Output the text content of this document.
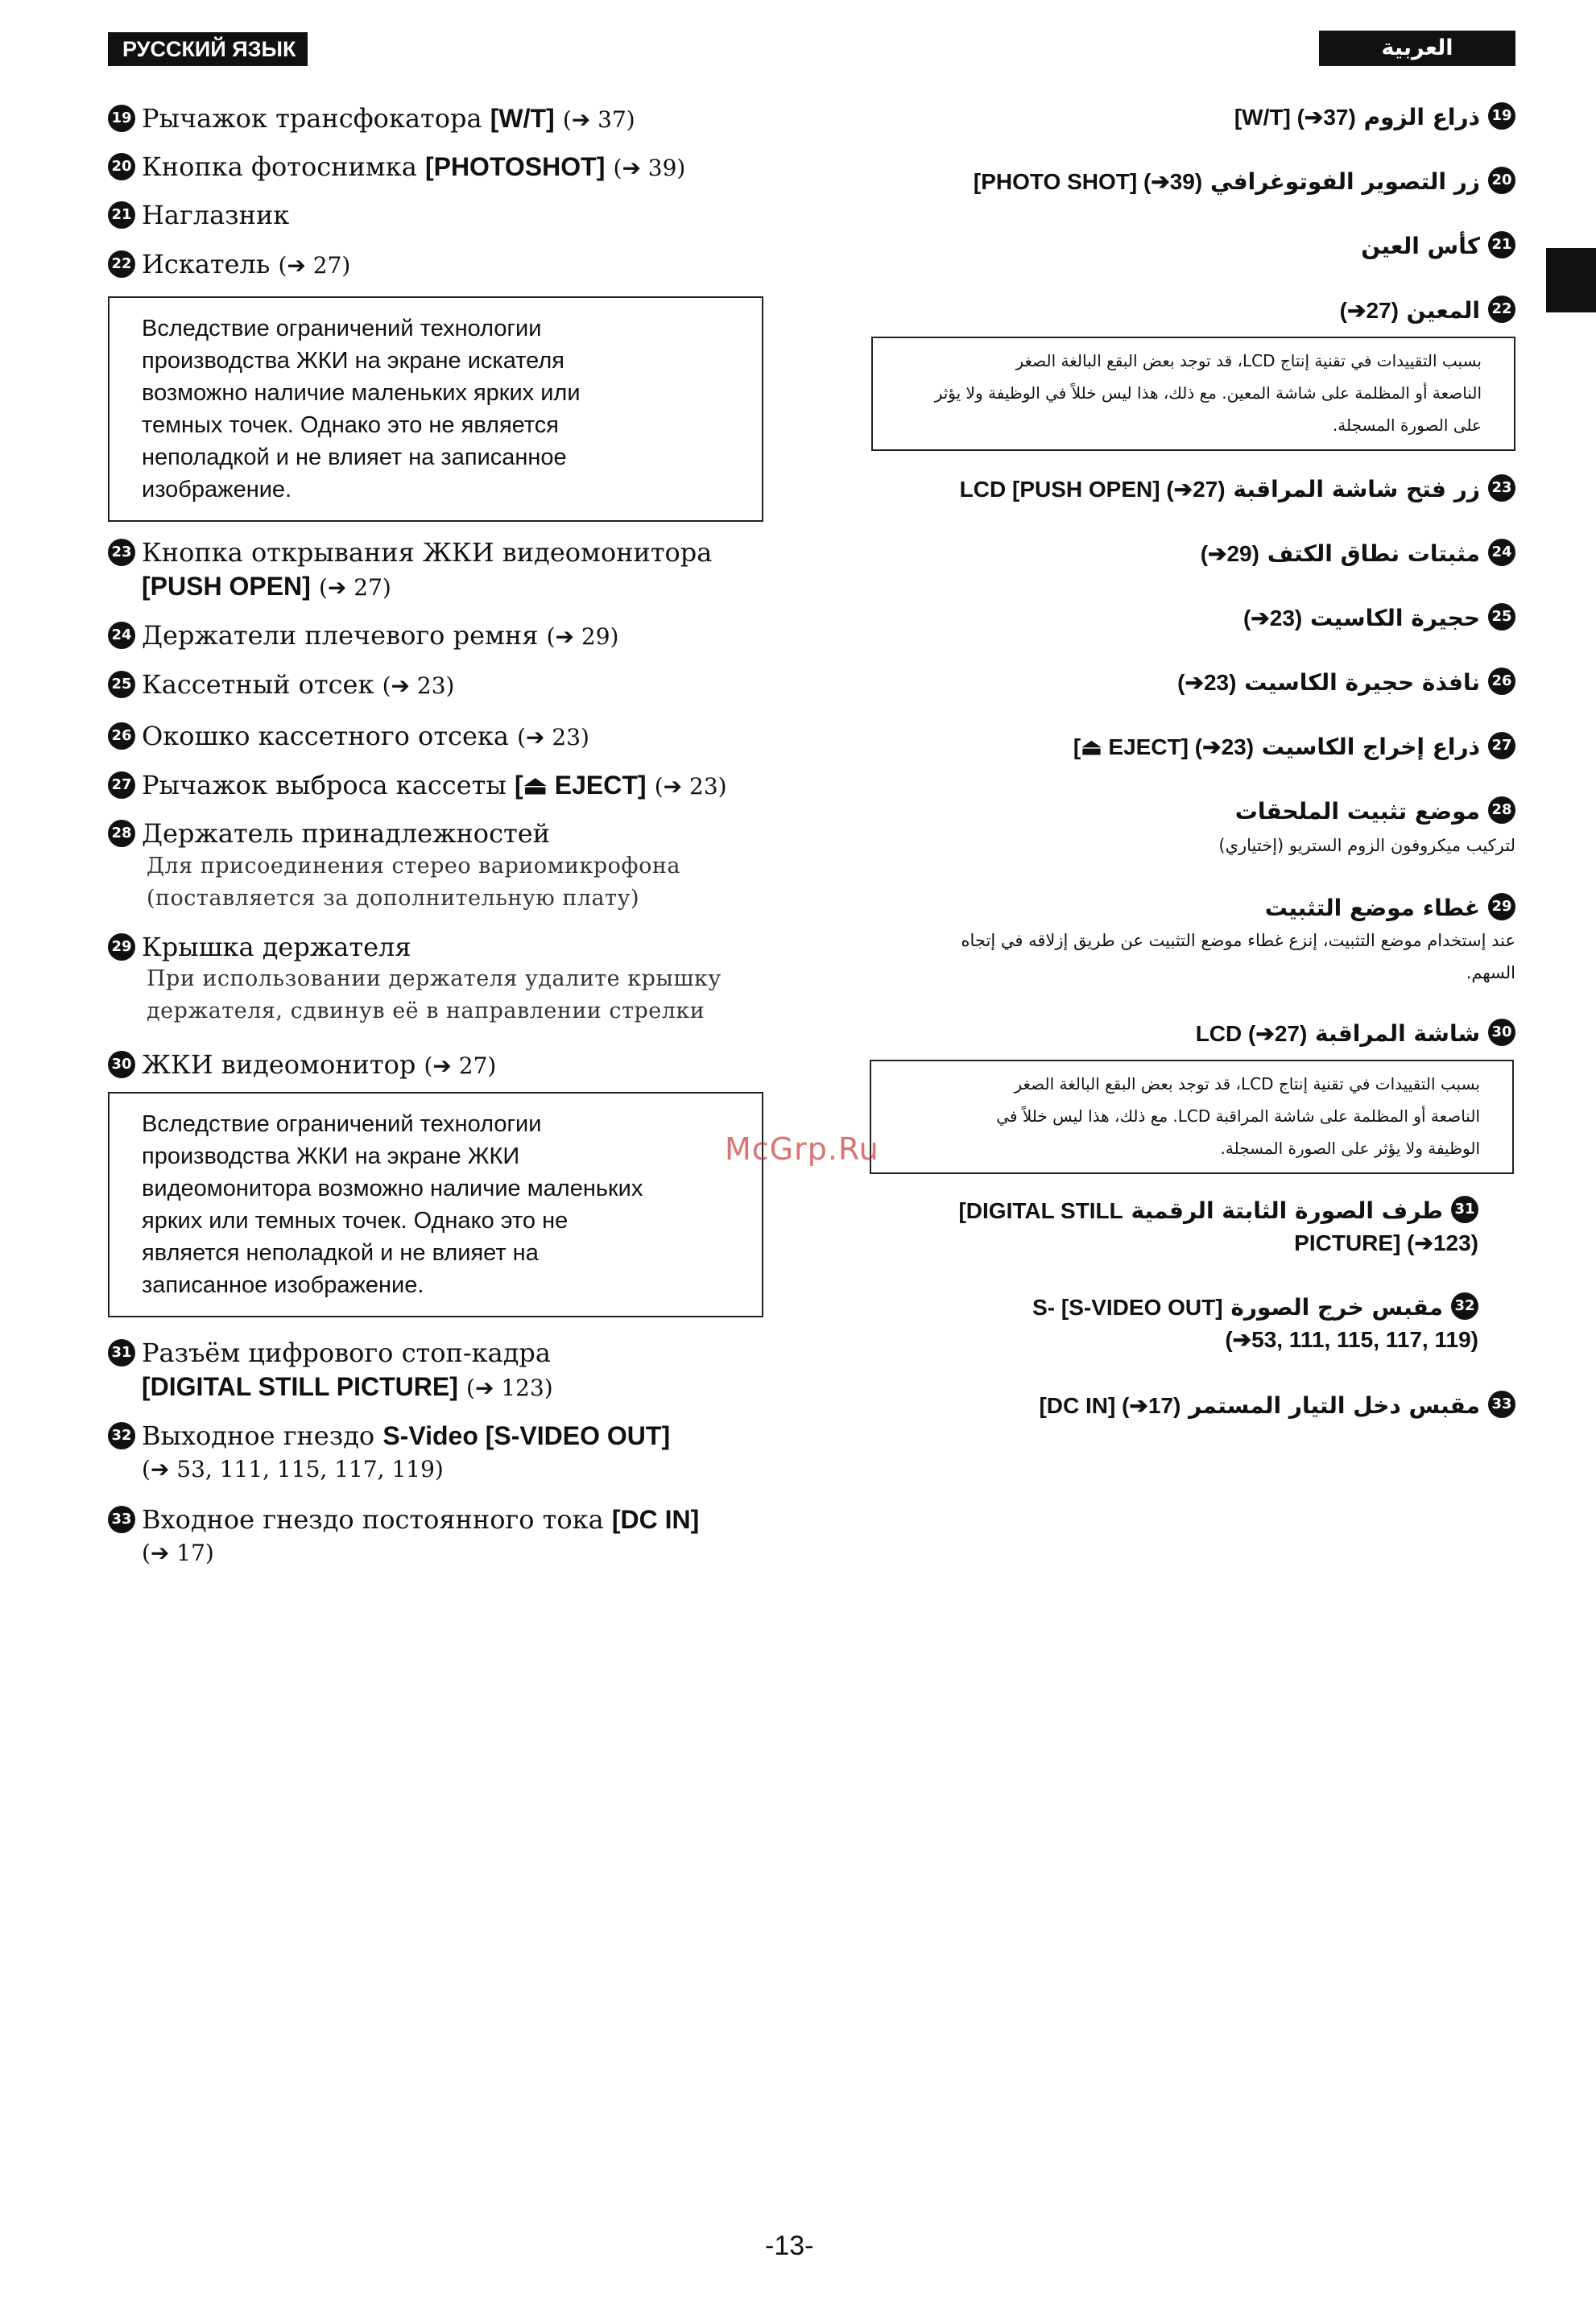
РУССКИЙ ЯЗЫК	العربية
19 Рычажок трансфокатора [W/T] (➔ 37)
20 Кнопка фотоснимка [PHOTOSHOT] (➔ 39)
21 Наглазник
22 Искатель (➔ 27)
Вследствие ограничений технологии
производства ЖКИ на экране искателя
возможно наличие маленьких ярких или
темных точек. Однако это не является
неполадкой и не влияет на записанное
изображение.
23 Кнопка открывания ЖКИ видеомонитора
[PUSH OPEN] (➔ 27)
24 Держатели плечевого ремня (➔ 29)
25 Кассетный отсек (➔ 23)
26 Окошко кассетного отсека (➔ 23)
27 Рычажок выброса кассеты [⏏ EJECT] (➔ 23)
28 Держатель принадлежностей
Для присоединения стерео вариомикрофона
(поставляется за дополнительную плату)
29 Крышка держателя
При использовании держателя удалите крышку
держателя, сдвинув её в направлении стрелки
30 ЖКИ видеомонитор (➔ 27)
Вследствие ограничений технологии
производства ЖКИ на экране ЖКИ
видеомонитора возможно наличие маленьких
ярких или темных точек. Однако это не
является неполадкой и не влияет на
записанное изображение.
31 Разъём цифрового стоп-кадра
[DIGITAL STILL PICTURE] (➔ 123)
32 Выходное гнездо S-Video [S-VIDEO OUT]
(➔ 53, 111, 115, 117, 119)
33 Входное гнездо постоянного тока [DC IN]
(➔ 17)
19ذراع الزوم [W/T] (➔37)
20زر التصوير الفوتوغرافي [PHOTO SHOT] (➔39)
21كأس العين
22المعين (➔27)
بسبب التقييدات في تقنية إنتاج LCD، قد توجد بعض البقع البالغة الصغر
الناصعة أو المظلمة على شاشة المعين. مع ذلك، هذا ليس خللاً في الوظيفة ولا يؤثر
على الصورة المسجلة.
23زر فتح شاشة المراقبة LCD [PUSH OPEN] (➔27)
24مثبتات نطاق الكتف (➔29)
25حجيرة الكاسيت (➔23)
26نافذة حجيرة الكاسيت (➔23)
27ذراع إخراج الكاسيت [⏏ EJECT] (➔23)
28موضع تثبيت الملحقات
لتركيب ميكروفون الزوم الستريو (إختياري)
29غطاء موضع التثبيت
عند إستخدام موضع التثبيت، إنزع غطاء موضع التثبيت عن طريق إزلاقه في إتجاه
السهم.
30شاشة المراقبة LCD (➔27)
بسبب التقييدات في تقنية إنتاج LCD، قد توجد بعض البقع البالغة الصغر
الناصعة أو المظلمة على شاشة المراقبة LCD. مع ذلك، هذا ليس خللاً في
الوظيفة ولا يؤثر على الصورة المسجلة.
31طرف الصورة الثابتة الرقمية [DIGITAL STILL PICTURE] (➔123)
32مقبس خرج الصورة S- [S-VIDEO OUT] (➔53, 111, 115, 117, 119)
33مقبس دخل التيار المستمر [DC IN] (➔17)
McGrp.Ru
-13-
